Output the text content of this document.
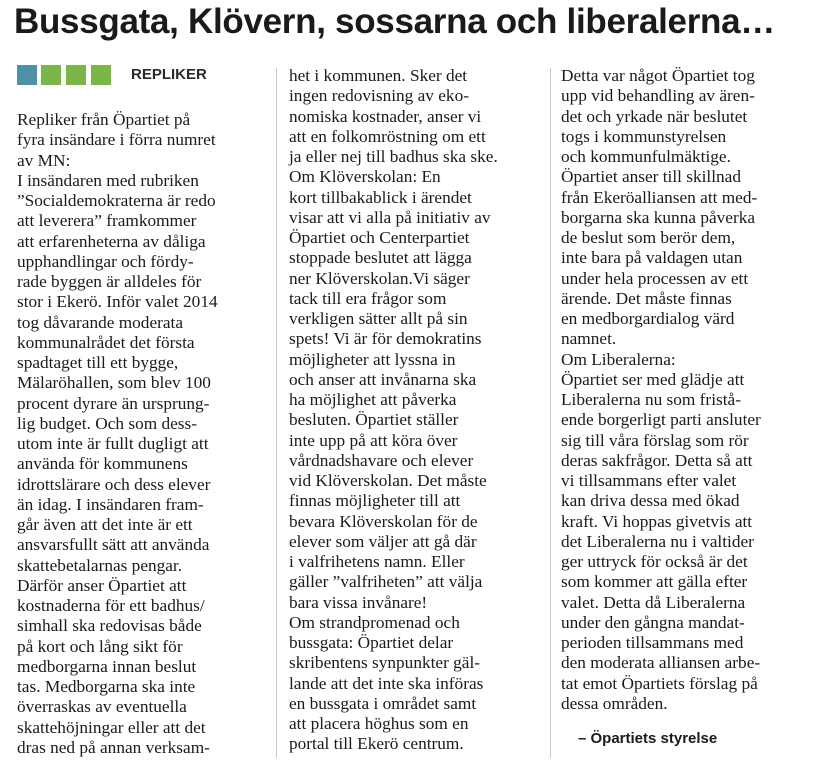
Bussgata, Klövern, sossarna och liberalerna…
REPLIKER
Repliker från Öpartiet på
fyra insändare i förra numret
av MN:
I insändaren med rubriken
”Socialdemokraterna är redo
att leverera” framkommer
att erfarenheterna av dåliga
upphandlingar och fördy-
rade byggen är alldeles för
stor i Ekerö. Inför valet 2014
tog dåvarande moderata
kommunalrådet det första
spadtaget till ett bygge,
Mälaröhallen, som blev 100
procent dyrare än ursprung-
lig budget. Och som dess-
utom inte är fullt dugligt att
använda för kommunens
idrottslärare och dess elever
än idag. I insändaren fram-
går även att det inte är ett
ansvarsfullt sätt att använda
skattebetalarnas pengar.
Därför anser Öpartiet att
kostnaderna för ett badhus/
simhall ska redovisas både
på kort och lång sikt för
medborgarna innan beslut
tas. Medborgarna ska inte
överraskas av eventuella
skattehöjningar eller att det
dras ned på annan verksam-
het i kommunen. Sker det
ingen redovisning av eko-
nomiska kostnader, anser vi
att en folkomröstning om ett
ja eller nej till badhus ska ske.
Om Klöverskolan: En
kort tillbakablick i ärendet
visar att vi alla på initiativ av
Öpartiet och Centerpartiet
stoppade beslutet att lägga
ner Klöverskolan.Vi säger
tack till era frågor som
verkligen sätter allt på sin
spets! Vi är för demokratins
möjligheter att lyssna in
och anser att invånarna ska
ha möjlighet att påverka
besluten. Öpartiet ställer
inte upp på att köra över
vårdnadshavare och elever
vid Klöverskolan. Det måste
finnas möjligheter till att
bevara Klöverskolan för de
elever som väljer att gå där
i valfrihetens namn. Eller
gäller ”valfriheten” att välja
bara vissa invånare!
Om strandpromenad och
bussgata: Öpartiet delar
skribentens synpunkter gäl-
lande att det inte ska införas
en bussgata i området samt
att placera höghus som en
portal till Ekerö centrum.
Detta var något Öpartiet tog
upp vid behandling av ären-
det och yrkade när beslutet
togs i kommunstyrelsen
och kommunfulmäktige.
Öpartiet anser till skillnad
från Ekeröalliansen att med-
borgarna ska kunna påverka
de beslut som berör dem,
inte bara på valdagen utan
under hela processen av ett
ärende. Det måste finnas
en medborgardialog värd
namnet.
Om Liberalerna:
Öpartiet ser med glädje att
Liberalerna nu som fristå-
ende borgerligt parti ansluter
sig till våra förslag som rör
deras sakfrågor. Detta så att
vi tillsammans efter valet
kan driva dessa med ökad
kraft. Vi hoppas givetvis att
det Liberalerna nu i valtider
ger uttryck för också är det
som kommer att gälla efter
valet. Detta då Liberalerna
under den gångna mandat-
perioden tillsammans med
den moderata alliansen arbe-
tat emot Öpartiets förslag på
dessa områden.
– Öpartiets styrelse
